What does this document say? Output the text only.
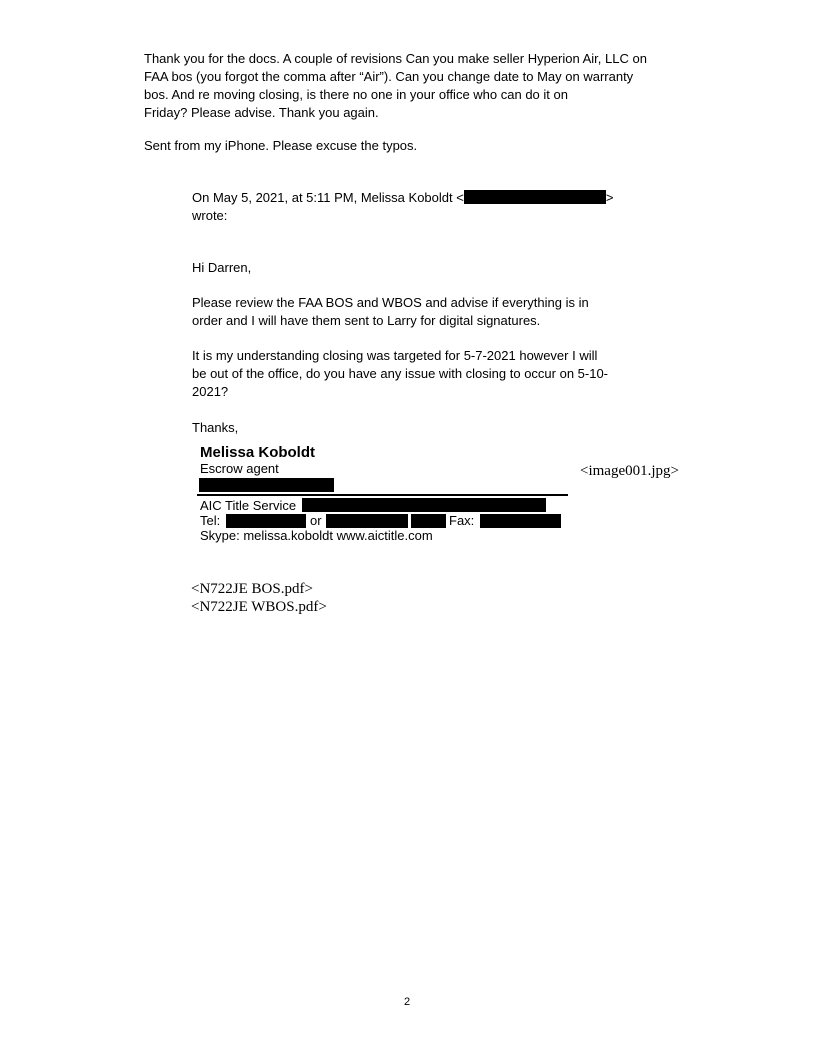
Thank you for the docs. A couple of revisions Can you make seller Hyperion Air, LLC on
FAA bos (you forgot the comma after “Air”). Can you change date to May on warranty
bos. And re moving closing, is there no one in your office who can do it on
Friday? Please advise. Thank you again.
Sent from my iPhone. Please excuse the typos.
On May 5, 2021, at 5:11 PM, Melissa Koboldt <	>
wrote:
Hi Darren,
Please review the FAA BOS and WBOS and advise if everything is in
order and I will have them sent to Larry for digital signatures.
It is my understanding closing was targeted for 5-7-2021 however I will
be out of the office, do you have any issue with closing to occur on 5-10-
2021?
Thanks,
Melissa Koboldt
Escrow agent
AIC Title Service
Tel:	or	Fax:
Skype: melissa.koboldt www.aictitle.com
<image001.jpg>
<N722JE BOS.pdf>
<N722JE WBOS.pdf>
2
